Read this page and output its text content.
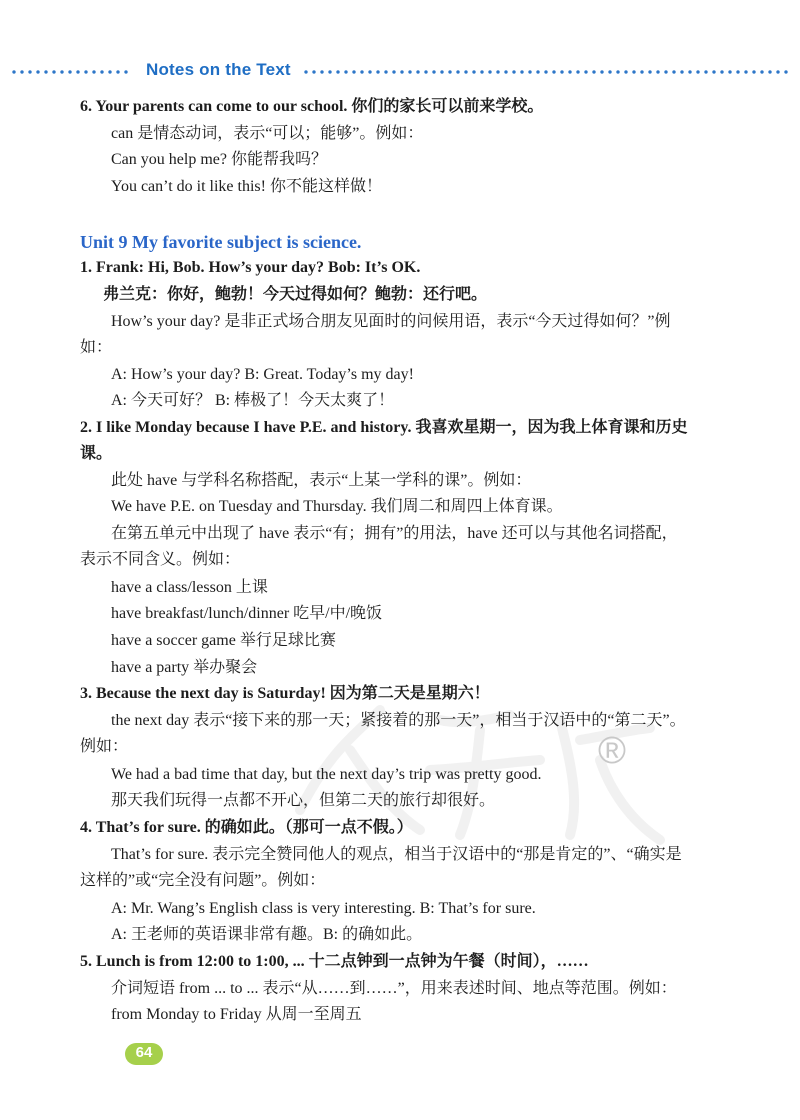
Notes on the Text
®
6. Your parents can come to our school. 你们的家长可以前来学校。
can 是情态动词，表示“可以；能够”。例如：
Can you help me? 你能帮我吗？
You can’t do it like this! 你不能这样做！
Unit 9 My favorite subject is science.
1. Frank: Hi, Bob. How’s your day? Bob: It’s OK.
弗兰克：你好，鲍勃！今天过得如何？鲍勃：还行吧。
How’s your day? 是非正式场合朋友见面时的问候用语，表示“今天过得如何？”例如：
A: How’s your day? B: Great. Today’s my day!
A: 今天可好？ B: 棒极了！今天太爽了！
2. I like Monday because I have P.E. and history. 我喜欢星期一，因为我上体育课和历史课。
此处 have 与学科名称搭配，表示“上某一学科的课”。例如：
We have P.E. on Tuesday and Thursday. 我们周二和周四上体育课。
在第五单元中出现了 have 表示“有；拥有”的用法，have 还可以与其他名词搭配，表示不同含义。例如：
have a class/lesson 上课
have breakfast/lunch/dinner 吃早/中/晚饭
have a soccer game 举行足球比赛
have a party 举办聚会
3. Because the next day is Saturday! 因为第二天是星期六！
the next day 表示“接下来的那一天；紧接着的那一天”，相当于汉语中的“第二天”。例如：
We had a bad time that day, but the next day’s trip was pretty good.
那天我们玩得一点都不开心，但第二天的旅行却很好。
4. That’s for sure. 的确如此。（那可一点不假。）
That’s for sure. 表示完全赞同他人的观点，相当于汉语中的“那是肯定的”、“确实是这样的”或“完全没有问题”。例如：
A: Mr. Wang’s English class is very interesting. B: That’s for sure.
A: 王老师的英语课非常有趣。B: 的确如此。
5. Lunch is from 12:00 to 1:00, ... 十二点钟到一点钟为午餐（时间），……
介词短语 from ... to ... 表示“从……到……”，用来表述时间、地点等范围。例如：
from Monday to Friday 从周一至周五
64
